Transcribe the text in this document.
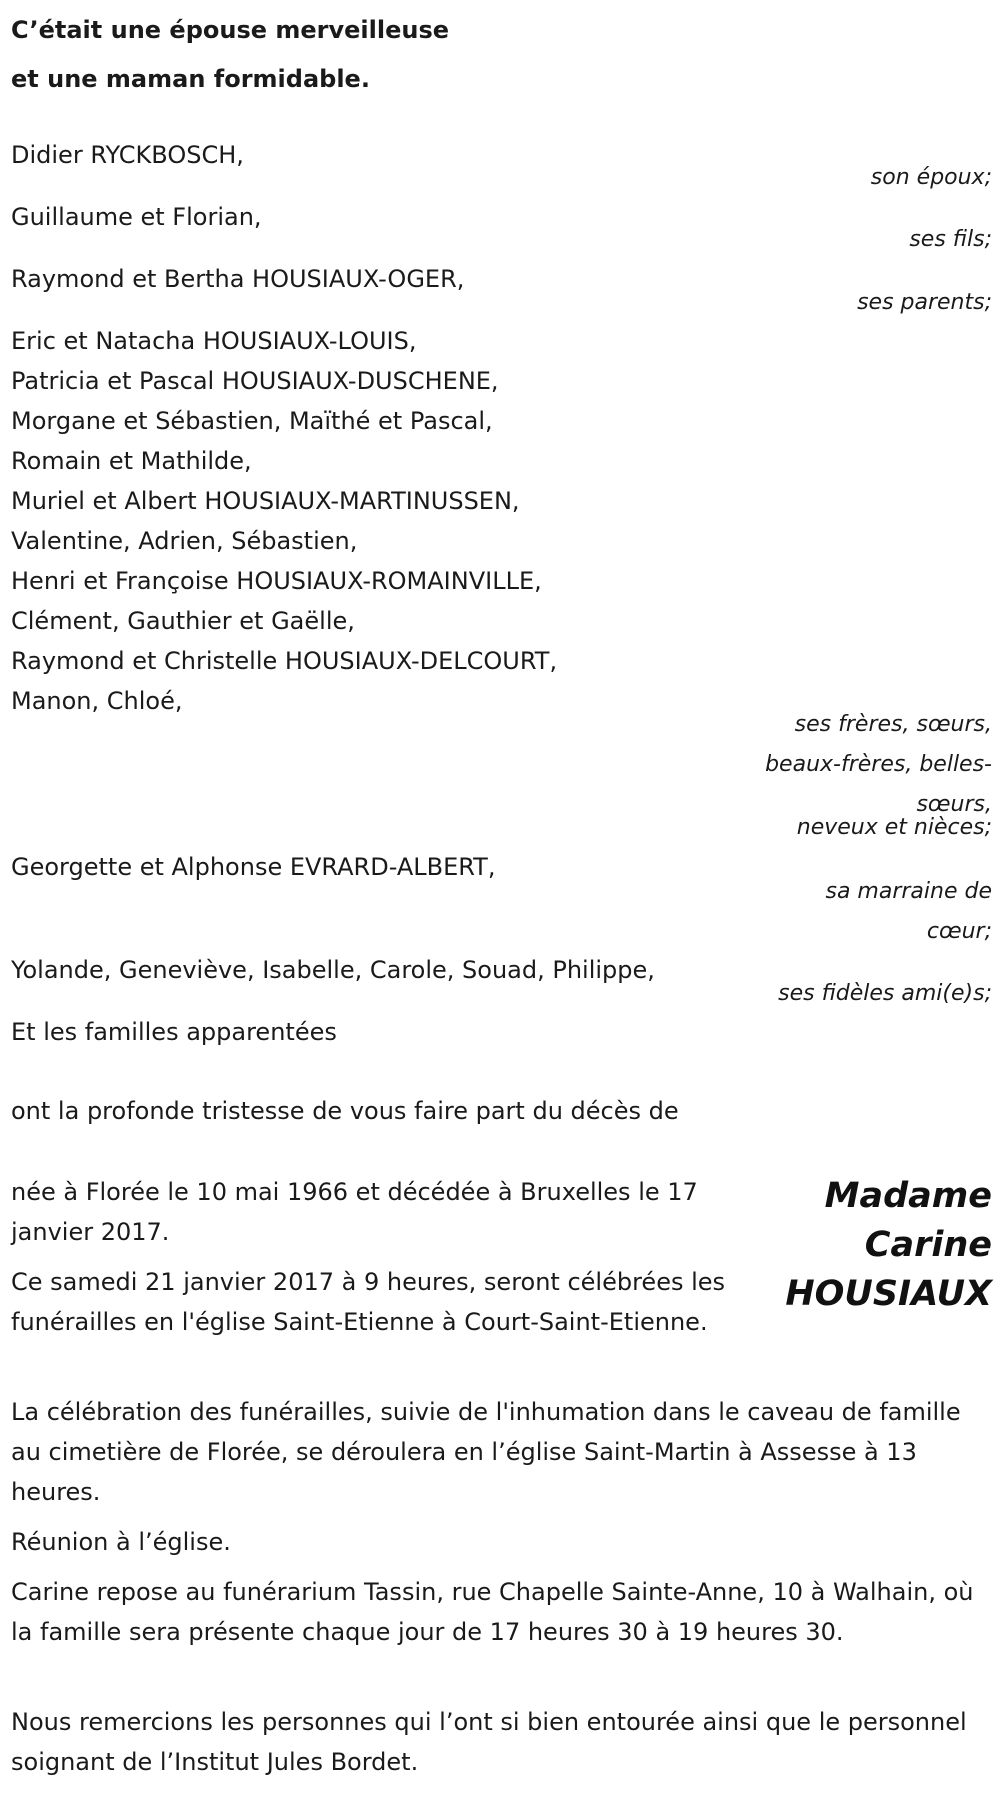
C’était une épouse merveilleuse
et une maman formidable.
Didier RYCKBOSCH,
Guillaume et Florian,
Raymond et Bertha HOUSIAUX-OGER,
Eric et Natacha HOUSIAUX-LOUIS,
Patricia et Pascal HOUSIAUX-DUSCHENE,
Morgane et Sébastien, Maïthé et Pascal,
Romain et Mathilde,
Muriel et Albert HOUSIAUX-MARTINUSSEN,
Valentine, Adrien, Sébastien,
Henri et Françoise HOUSIAUX-ROMAINVILLE,
Clément, Gauthier et Gaëlle,
Raymond et Christelle HOUSIAUX-DELCOURT,
Manon, Chloé,
Georgette et Alphonse EVRARD-ALBERT,
Yolande, Geneviève, Isabelle, Carole, Souad, Philippe,
Et les familles apparentées
son époux;
ses fils;
ses parents;
ses frères, sœurs,
beaux-frères, belles-
sœurs,
neveux et nièces;
sa marraine de
cœur;
ses fidèles ami(e)s;
ont la profonde tristesse de vous faire part du décès de
Madame
Carine
HOUSIAUX
née à Florée le 10 mai 1966 et décédée à Bruxelles le 17 janvier 2017.
Ce samedi 21 janvier 2017 à 9 heures, seront célébrées les funérailles en l'église Saint-Etienne à Court-Saint-Etienne.
La célébration des funérailles, suivie de l'inhumation dans le caveau de famille au cimetière de Florée, se déroulera en l’église Saint-Martin à Assesse à 13 heures.
Réunion à l’église.
Carine repose au funérarium Tassin, rue Chapelle Sainte-Anne, 10 à Walhain, où la famille sera présente chaque jour de 17 heures 30 à 19 heures 30.
Nous remercions les personnes qui l’ont si bien entourée ainsi que le personnel soignant de l’Institut Jules Bordet.
